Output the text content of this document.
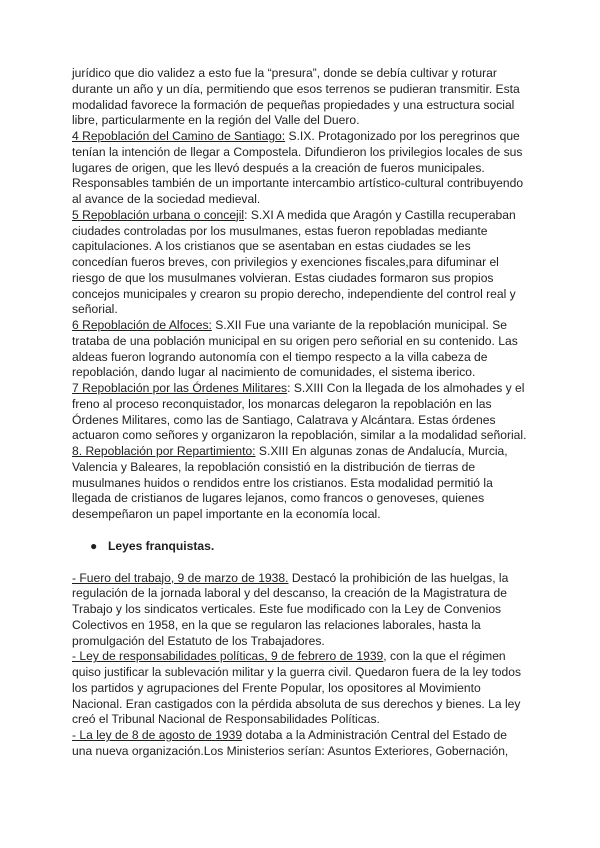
jurídico que dio validez a esto fue la “presura”, donde se debía cultivar y roturar durante un año y un día, permitiendo que esos terrenos se pudieran transmitir. Esta modalidad favorece la formación de pequeñas propiedades y una estructura social libre, particularmente en la región del Valle del Duero.

4 Repoblación del Camino de Santiago: S.IX. Protagonizado por los peregrinos que tenían la intención de llegar a Compostela. Difundieron los privilegios locales de sus lugares de origen, que les llevó después a la creación de fueros municipales. Responsables también de un importante intercambio artístico-cultural contribuyendo al avance de la sociedad medieval.

5 Repoblación urbana o concejil: S.XI A medida que Aragón y Castilla recuperaban ciudades controladas por los musulmanes, estas fueron repobladas mediante capitulaciones. A los cristianos que se asentaban en estas ciudades se les concedían fueros breves, con privilegios y exenciones fiscales,para difuminar el riesgo de que los musulmanes volvieran. Estas ciudades formaron sus propios concejos municipales y crearon su propio derecho, independiente del control real y señorial.

6 Repoblación de Alfoces: S.XII Fue una variante de la repoblación municipal. Se trataba de una población municipal en su origen pero señorial en su contenido. Las aldeas fueron logrando autonomía con el tiempo respecto a la villa cabeza de repoblación, dando lugar al nacimiento de comunidades, el sistema iberico.

7 Repoblación por las Órdenes Militares: S.XIII Con la llegada de los almohades y el freno al proceso reconquistador, los monarcas delegaron la repoblación en las Órdenes Militares, como las de Santiago, Calatrava y Alcántara. Estas órdenes actuaron como señores y organizaron la repoblación, similar a la modalidad señorial.

8. Repoblación por Repartimiento: S.XIII En algunas zonas de Andalucía, Murcia, Valencia y Baleares, la repoblación consistió en la distribución de tierras de musulmanes huidos o rendidos entre los cristianos. Esta modalidad permitió la llegada de cristianos de lugares lejanos, como francos o genoveses, quienes desempeñaron un papel importante en la economía local.

● Leyes franquistas.

- Fuero del trabajo, 9 de marzo de 1938. Destacó la prohibición de las huelgas, la regulación de la jornada laboral y del descanso, la creación de la Magistratura de Trabajo y los sindicatos verticales. Este fue modificado con la Ley de Convenios Colectivos en 1958, en la que se regularon las relaciones laborales, hasta la promulgación del Estatuto de los Trabajadores.

- Ley de responsabilidades políticas, 9 de febrero de 1939, con la que el régimen quiso justificar la sublevación militar y la guerra civil. Quedaron fuera de la ley todos los partidos y agrupaciones del Frente Popular, los opositores al Movimiento Nacional. Eran castigados con la pérdida absoluta de sus derechos y bienes. La ley creó el Tribunal Nacional de Responsabilidades Políticas.

- La ley de 8 de agosto de 1939 dotaba a la Administración Central del Estado de una nueva organización.Los Ministerios serían: Asuntos Exteriores, Gobernación,
